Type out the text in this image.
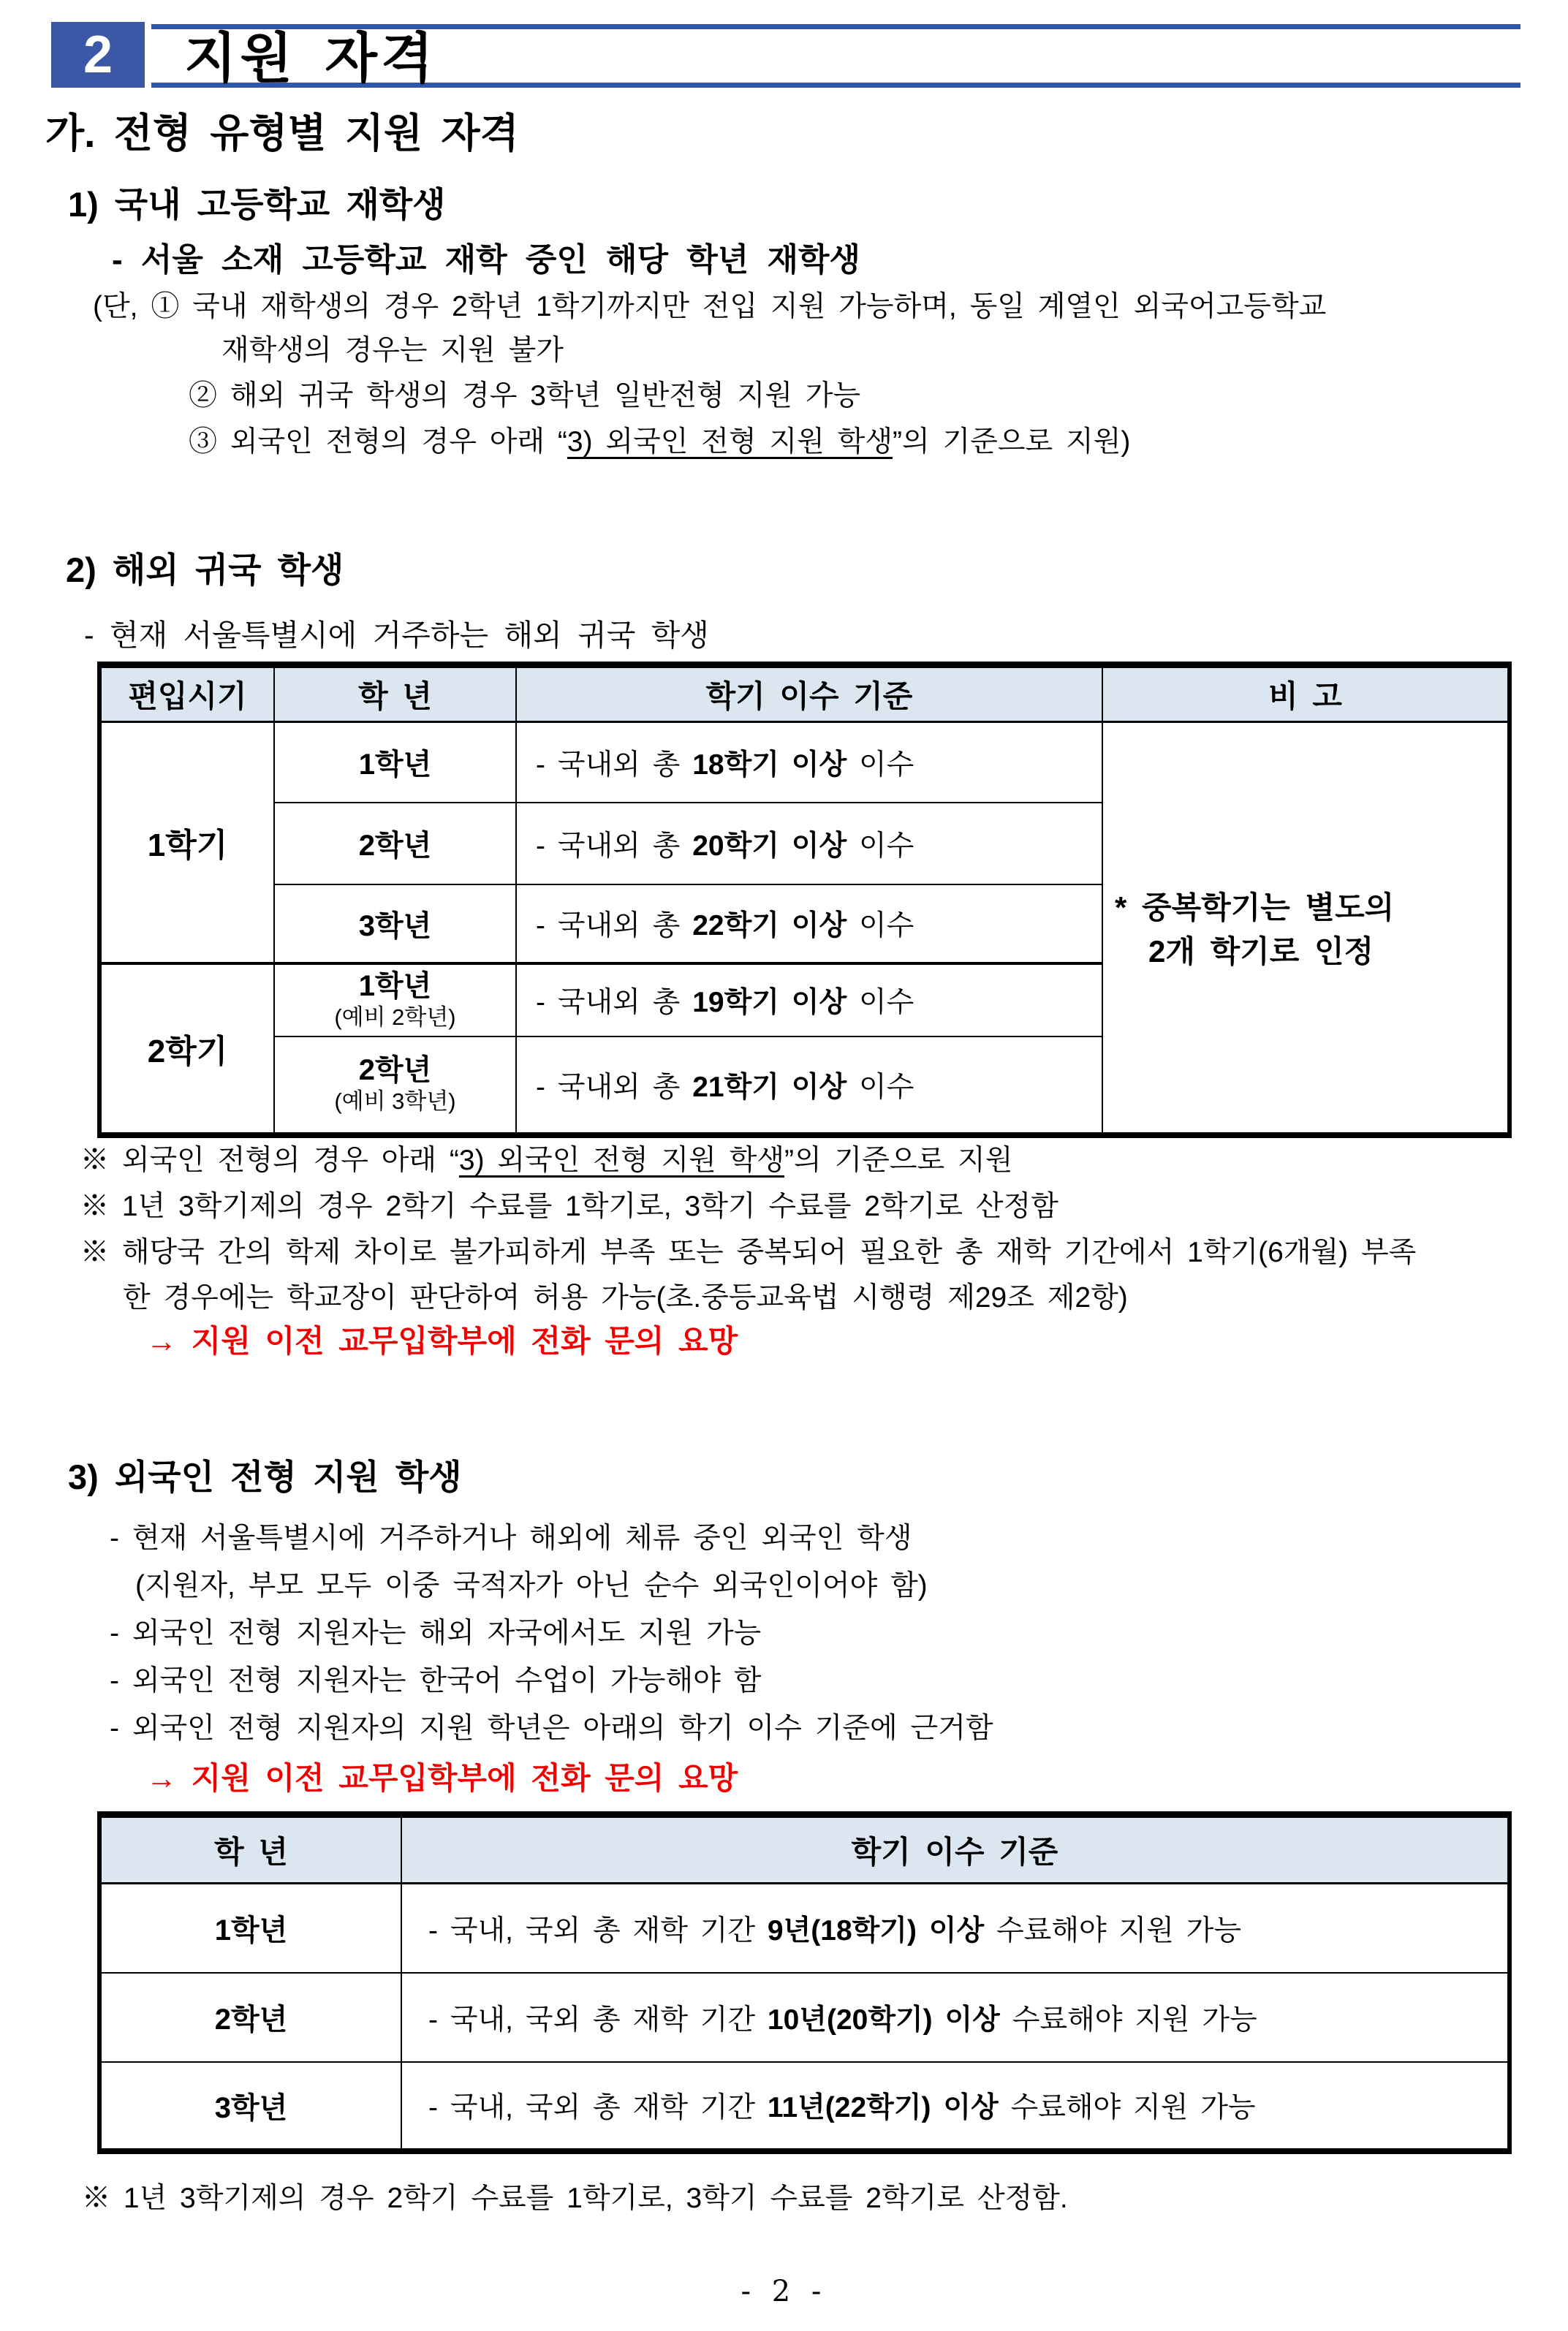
2 지원 자격
가. 전형 유형별 지원 자격
1) 국내 고등학교 재학생
- 서울 소재 고등학교 재학 중인 해당 학년 재학생
(단, ① 국내 재학생의 경우 2학년 1학기까지만 전입 지원 가능하며, 동일 계열인 외국어고등학교
재학생의 경우는 지원 불가
② 해외 귀국 학생의 경우 3학년 일반전형 지원 가능
③ 외국인 전형의 경우 아래 “3) 외국인 전형 지원 학생”의 기준으로 지원)
2) 해외 귀국 학생
- 현재 서울특별시에 거주하는 해외 귀국 학생
편입시기	학 년	학기 이수 기준	비 고
1학기	1학년	- 국내외 총 18학기 이상 이수	* 중복학기는 별도의
2개 학기로 인정

	2학년	- 국내외 총 20학기 이상 이수	
	3학년	- 국내외 총 22학기 이상 이수	
2학기	1학년
(예비 2학년)	- 국내외 총 19학기 이상 이수	

	2학년
(예비 3학년)	- 국내외 총 21학기 이상 이수	
※ 외국인 전형의 경우 아래 “3) 외국인 전형 지원 학생”의 기준으로 지원
※ 1년 3학기제의 경우 2학기 수료를 1학기로, 3학기 수료를 2학기로 산정함
※ 해당국 간의 학제 차이로 불가피하게 부족 또는 중복되어 필요한 총 재학 기간에서 1학기(6개월) 부족
한 경우에는 학교장이 판단하여 허용 가능(초.중등교육법 시행령 제29조 제2항)
→ 지원 이전 교무입학부에 전화 문의 요망
3) 외국인 전형 지원 학생
- 현재 서울특별시에 거주하거나 해외에 체류 중인 외국인 학생
(지원자, 부모 모두 이중 국적자가 아닌 순수 외국인이어야 함)
- 외국인 전형 지원자는 해외 자국에서도 지원 가능
- 외국인 전형 지원자는 한국어 수업이 가능해야 함
- 외국인 전형 지원자의 지원 학년은 아래의 학기 이수 기준에 근거함
→ 지원 이전 교무입학부에 전화 문의 요망
학 년	학기 이수 기준
1학년	- 국내, 국외 총 재학 기간 9년(18학기) 이상 수료해야 지원 가능
2학년	- 국내, 국외 총 재학 기간 10년(20학기) 이상 수료해야 지원 가능
3학년	- 국내, 국외 총 재학 기간 11년(22학기) 이상 수료해야 지원 가능
※ 1년 3학기제의 경우 2학기 수료를 1학기로, 3학기 수료를 2학기로 산정함.
- 2 -
